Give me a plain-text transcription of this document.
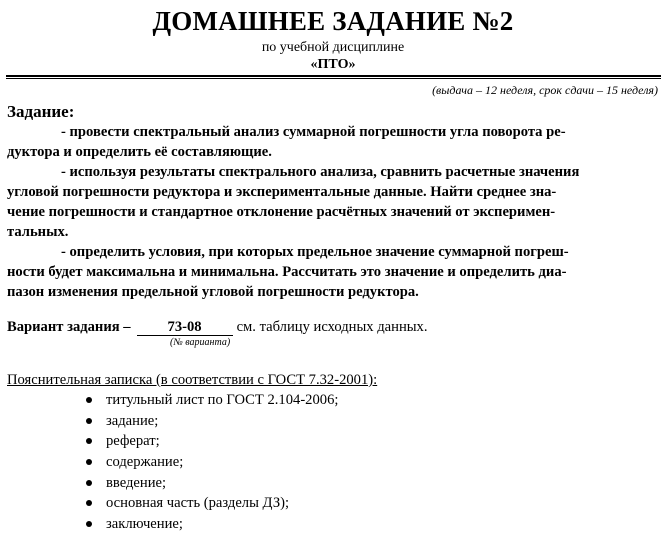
ДОМАШНЕЕ ЗАДАНИЕ №2
по учебной дисциплине
«ПТО»
(выдача – 12 неделя, срок сдачи – 15 неделя)
Задание:
- провести спектральный анализ суммарной погрешности угла поворота ре-
дуктора и определить её составляющие.
- используя результаты спектрального анализа, сравнить расчетные значения
угловой погрешности редуктора и экспериментальные данные. Найти среднее зна-
чение погрешности и стандартное отклонение расчётных значений от эксперимен-
тальных.
- определить условия, при которых предельное значение суммарной погреш-
ности будет максимальна и минимальна. Рассчитать это значение и определить диа-
пазон изменения предельной угловой погрешности редуктора.
Вариант задания –	73-08 см. таблицу исходных данных.
(№ варианта)
Пояснительная записка (в соответствии с ГОСТ 7.32-2001):
титульный лист по ГОСТ 2.104-2006;
задание;
реферат;
содержание;
введение;
основная часть (разделы ДЗ);
заключение;
